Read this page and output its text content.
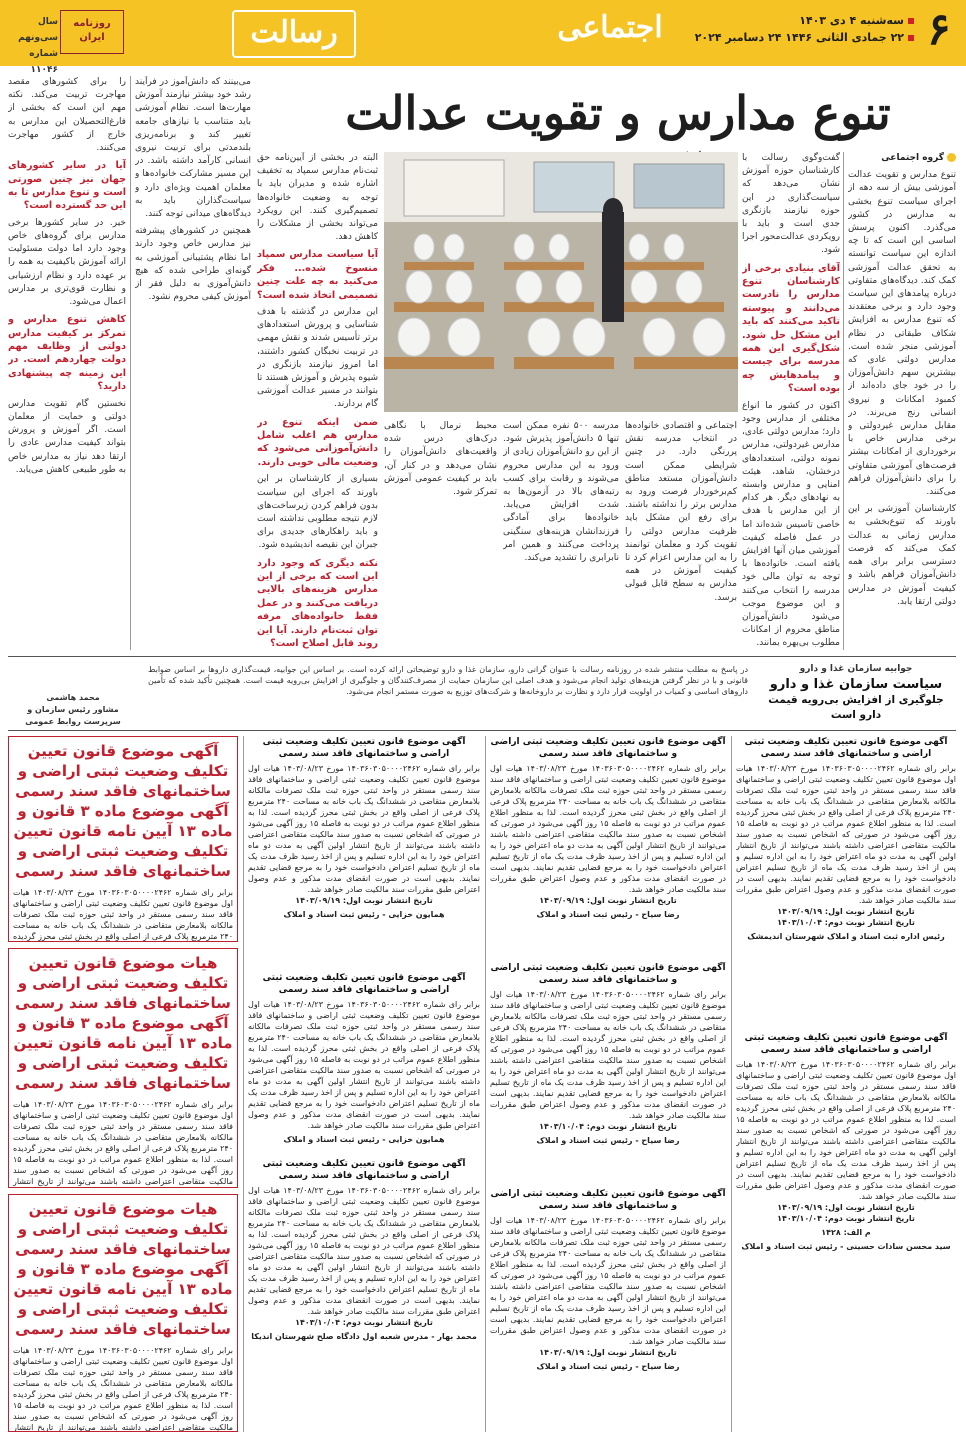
۶
سه‌شنبه ۴ دی ۱۴۰۳
۲۲ جمادی الثانی ۱۴۴۶ ۲۴ دسامبر ۲۰۲۴
اجتماعی
رسالت
روزنامه ایران
سال سی‌ونهم
شماره ۱۱۰۴۶
تنوع مدارس و تقویت عدالت

گروه اجتماعی

تنوع مدارس و تقویت عدالت آموزشی بیش از سه دهه از اجرای سیاست تنوع بخشی به مدارس در کشور می‌گذرد. اکنون پرسش اساسی این است که تا چه اندازه این سیاست توانسته به تحقق عدالت آموزشی کمک کند. دیدگاه‌های متفاوتی درباره پیامدهای این سیاست وجود دارد و برخی معتقدند که تنوع مدارس به افزایش شکاف طبقاتی در نظام آموزشی منجر شده است. مدارس دولتی عادی که بیشترین سهم دانش‌آموزان را در خود جای داده‌اند از کمبود امکانات و نیروی انسانی رنج می‌برند. در مقابل مدارس غیردولتی و برخی مدارس خاص با برخورداری از امکانات بیشتر فرصت‌های آموزشی متفاوتی را برای دانش‌آموزان فراهم می‌کنند.

کارشناسان آموزشی بر این باورند که تنوع‌بخشی به مدارس زمانی به عدالت کمک می‌کند که فرصت دسترسی برابر برای همه دانش‌آموزان فراهم باشد و کیفیت آموزش در مدارس دولتی ارتقا یابد.

گفت‌وگوی رسالت با کارشناسان حوزه آموزش نشان می‌دهد که سیاست‌گذاری در این حوزه نیازمند بازنگری جدی است و باید با رویکردی عدالت‌محور اجرا شود.

آقای بنیادی برخی از کارشناسان تنوع مدارس را نادرست می‌دانند و پیوسته تاکید می‌کنند که باید این مشکل حل شود. شکل‌گیری این همه مدرسه برای چیست و پیامدهایش چه بوده است؟

اکنون در کشور ما انواع مختلفی از مدارس وجود دارد؛ مدارس دولتی عادی، مدارس غیردولتی، مدارس نمونه دولتی، استعدادهای درخشان، شاهد، هیئت امنایی و مدارس وابسته به نهادهای دیگر. هر کدام از این مدارس با هدف خاصی تاسیس شده‌اند اما در عمل فاصله کیفیت آموزشی میان آنها افزایش یافته است. خانواده‌ها با توجه به توان مالی خود مدرسه را انتخاب می‌کنند و این موضوع موجب می‌شود دانش‌آموزان مناطق محروم از امکانات مطلوب بی‌بهره بمانند.

اجتماعی و اقتصادی خانواده‌ها در انتخاب مدرسه نقش پررنگی دارد. در چنین شرایطی ممکن است دانش‌آموزان مستعد مناطق کم‌برخوردار فرصت ورود به مدارس برتر را نداشته باشند. برای رفع این مشکل باید ظرفیت مدارس دولتی را تقویت کرد و معلمان توانمند را به این مدارس اعزام کرد تا کیفیت آموزش در همه مدارس به سطح قابل قبولی برسد.

مدرسه ۵۰۰ نفره ممکن است تنها ۵ دانش‌آموز پذیرش شود. از این رو دانش‌آموزان زیادی از ورود به این مدارس محروم می‌شوند و رقابت برای کسب رتبه‌های بالا در آزمون‌ها به شدت افزایش می‌یابد. خانواده‌ها برای آمادگی فرزندانشان هزینه‌های سنگینی پرداخت می‌کنند و همین امر نابرابری را تشدید می‌کند.

محیط نرمال با نگاهی درک‌های درس شده واقعیت‌های دانش‌آموزان را نشان می‌دهد و در کنار آن، باید بر کیفیت عمومی آموزش تمرکز شود.

البته در بخشی از آیین‌نامه حق ثبت‌نام مدارس سمپاد به تخفیف اشاره شده و مدیران باید با توجه به وضعیت خانواده‌ها تصمیم‌گیری کنند. این رویکرد می‌تواند بخشی از مشکلات را کاهش دهد.

آیا سیاست مدارس سمپاد منسوخ شده... فکر می‌کنید به چه علت چنین تصمیمی اتخاذ شده است؟

این مدارس در گذشته با هدف شناسایی و پرورش استعدادهای برتر تأسیس شدند و نقش مهمی در تربیت نخبگان کشور داشتند، اما امروز نیازمند بازنگری در شیوه پذیرش و آموزش هستند تا بتوانند در مسیر عدالت آموزشی گام بردارند.

ضمن اینکه تنوع در مدارس هم اغلب شامل دانش‌آموزانی می‌شود که وضعیت مالی خوبی دارند.

بسیاری از کارشناسان بر این باورند که اجرای این سیاست بدون فراهم کردن زیرساخت‌های لازم نتیجه مطلوبی نداشته است و باید راهکارهای جدیدی برای جبران این نقیصه اندیشیده شود.

نکته دیگری که وجود دارد این است که برخی از این مدارس هزینه‌های بالایی دریافت می‌کنند و در عمل فقط خانواده‌های مرفه توان ثبت‌نام دارند. آیا این روند قابل اصلاح است؟

می‌بینند که دانش‌آموز در فرآیند رشد خود بیشتر نیازمند آموزش مهارت‌ها است. نظام آموزشی باید متناسب با نیازهای جامعه تغییر کند و برنامه‌ریزی بلندمدتی برای تربیت نیروی انسانی کارآمد داشته باشد. در این مسیر مشارکت خانواده‌ها و معلمان اهمیت ویژه‌ای دارد و سیاست‌گذاران باید به دیدگاه‌های میدانی توجه کنند.

همچنین در کشورهای پیشرفته نیز مدارس خاص وجود دارند اما نظام پشتیبانی آموزشی به گونه‌ای طراحی شده که هیچ دانش‌آموزی به دلیل فقر از آموزش کیفی محروم نشود.

را برای کشورهای مقصد مهاجرت تربیت می‌کند. نکته مهم این است که بخشی از فارغ‌التحصیلان این مدارس به خارج از کشور مهاجرت می‌کنند.

آیا در سایر کشورهای جهان نیز چنین صورتی است و تنوع مدارس تا به این حد گسترده است؟

خیر. در سایر کشورها برخی مدارس برای گروه‌های خاص وجود دارد اما دولت مسئولیت ارائه آموزش باکیفیت به همه را بر عهده دارد و نظام ارزشیابی و نظارت قوی‌تری بر مدارس اعمال می‌شود.

کاهش تنوع مدارس و تمرکز بر کیفیت مدارس دولتی از وظایف مهم دولت چهاردهم است. در این زمینه چه پیشنهادی دارید؟

نخستین گام تقویت مدارس دولتی و حمایت از معلمان است. اگر آموزش و پرورش بتواند کیفیت مدارس عادی را ارتقا دهد نیاز به مدارس خاص به طور طبیعی کاهش می‌یابد.

جوابیه سازمان غذا و دارو
سیاست سازمان غذا و دارو
جلوگیری از افزایش بی‌رویه قیمت دارو است

در پاسخ به مطلب منتشر شده در روزنامه رسالت با عنوان گرانی دارو، سازمان غذا و دارو توضیحاتی ارائه کرده است. بر اساس این جوابیه، قیمت‌گذاری داروها بر اساس ضوابط قانونی و با در نظر گرفتن هزینه‌های تولید انجام می‌شود و هدف اصلی این سازمان حمایت از مصرف‌کنندگان و جلوگیری از افزایش بی‌رویه قیمت است. همچنین تأکید شده که تأمین داروهای اساسی و کمیاب در اولویت قرار دارد و نظارت بر داروخانه‌ها و شرکت‌های توزیع به صورت مستمر انجام می‌شود.

محمد هاشمی
مشاور رئیس سازمان و سرپرست روابط عمومی
آگهی موضوع قانون تعیین تکلیف وضعیت ثبتی اراضی و ساختمانهای فاقد سند رسمی
برابر رای شماره ۱۴۰۳۶۰۳۰۵۰۰۰۰۲۴۶۲ مورخ ۱۴۰۳/۰۸/۲۳ هیات اول موضوع قانون تعیین تکلیف وضعیت ثبتی اراضی و ساختمانهای فاقد سند رسمی مستقر در واحد ثبتی حوزه ثبت ملک تصرفات مالکانه بلامعارض متقاضی در ششدانگ یک باب خانه به مساحت ۲۴۰ مترمربع پلاک فرعی از اصلی واقع در بخش ثبتی محرز گردیده است. لذا به منظور اطلاع عموم مراتب در دو نوبت به فاصله ۱۵ روز آگهی می‌شود در صورتی که اشخاص نسبت به صدور سند مالکیت متقاضی اعتراضی داشته باشند می‌توانند از تاریخ انتشار اولین آگهی به مدت دو ماه اعتراض خود را به این اداره تسلیم و پس از اخذ رسید ظرف مدت یک ماه از تاریخ تسلیم اعتراض دادخواست خود را به مرجع قضایی تقدیم نمایند. بدیهی است در صورت انقضای مدت مذکور و عدم وصول اعتراض طبق مقررات سند مالکیت صادر خواهد شد.
تاریخ انتشار نوبت اول: ۱۴۰۳/۰۹/۱۹
تاریخ انتشار نوبت دوم: ۱۴۰۳/۱۰/۰۴
رئیس اداره ثبت اسناد و املاک شهرستان اندیمشک
آگهی موضوع قانون تعیین تکلیف وضعیت ثبتی اراضی و ساختمانهای فاقد سند رسمی
برابر رای شماره ۱۴۰۳۶۰۳۰۵۰۰۰۰۲۴۶۲ مورخ ۱۴۰۳/۰۸/۲۳ هیات اول موضوع قانون تعیین تکلیف وضعیت ثبتی اراضی و ساختمانهای فاقد سند رسمی مستقر در واحد ثبتی حوزه ثبت ملک تصرفات مالکانه بلامعارض متقاضی در ششدانگ یک باب خانه به مساحت ۲۴۰ مترمربع پلاک فرعی از اصلی واقع در بخش ثبتی محرز گردیده است. لذا به منظور اطلاع عموم مراتب در دو نوبت به فاصله ۱۵ روز آگهی می‌شود در صورتی که اشخاص نسبت به صدور سند مالکیت متقاضی اعتراضی داشته باشند می‌توانند از تاریخ انتشار اولین آگهی به مدت دو ماه اعتراض خود را به این اداره تسلیم و پس از اخذ رسید ظرف مدت یک ماه از تاریخ تسلیم اعتراض دادخواست خود را به مرجع قضایی تقدیم نمایند. بدیهی است در صورت انقضای مدت مذکور و عدم وصول اعتراض طبق مقررات سند مالکیت صادر خواهد شد.
تاریخ انتشار نوبت اول: ۱۴۰۳/۰۹/۱۹
تاریخ انتشار نوبت دوم: ۱۴۰۳/۱۰/۰۴
م الف: ۱۴۲۸
سید محسن سادات حسینی - رئیس ثبت اسناد و املاک
آگهی موضوع قانون تعیین تکلیف وضعیت ثبتی اراضی و ساختمانهای فاقد سند رسمی
برابر رای شماره ۱۴۰۳۶۰۳۰۵۰۰۰۰۲۴۶۲ مورخ ۱۴۰۳/۰۸/۲۳ هیات اول موضوع قانون تعیین تکلیف وضعیت ثبتی اراضی و ساختمانهای فاقد سند رسمی مستقر در واحد ثبتی حوزه ثبت ملک تصرفات مالکانه بلامعارض متقاضی در ششدانگ یک باب خانه به مساحت ۲۴۰ مترمربع پلاک فرعی از اصلی واقع در بخش ثبتی محرز گردیده است. لذا به منظور اطلاع عموم مراتب در دو نوبت به فاصله ۱۵ روز آگهی می‌شود در صورتی که اشخاص نسبت به صدور سند مالکیت متقاضی اعتراضی داشته باشند می‌توانند از تاریخ انتشار اولین آگهی به مدت دو ماه اعتراض خود را به این اداره تسلیم و پس از اخذ رسید ظرف مدت یک ماه از تاریخ تسلیم اعتراض دادخواست خود را به مرجع قضایی تقدیم نمایند. بدیهی است در صورت انقضای مدت مذکور و عدم وصول اعتراض طبق مقررات سند مالکیت صادر خواهد شد.
تاریخ انتشار نوبت اول: ۱۴۰۳/۰۹/۱۹
رضا سیاح - رئیس ثبت اسناد و املاک
آگهی موضوع قانون تعیین تکلیف وضعیت ثبتی اراضی و ساختمانهای فاقد سند رسمی
برابر رای شماره ۱۴۰۳۶۰۳۰۵۰۰۰۰۲۴۶۲ مورخ ۱۴۰۳/۰۸/۲۳ هیات اول موضوع قانون تعیین تکلیف وضعیت ثبتی اراضی و ساختمانهای فاقد سند رسمی مستقر در واحد ثبتی حوزه ثبت ملک تصرفات مالکانه بلامعارض متقاضی در ششدانگ یک باب خانه به مساحت ۲۴۰ مترمربع پلاک فرعی از اصلی واقع در بخش ثبتی محرز گردیده است. لذا به منظور اطلاع عموم مراتب در دو نوبت به فاصله ۱۵ روز آگهی می‌شود در صورتی که اشخاص نسبت به صدور سند مالکیت متقاضی اعتراضی داشته باشند می‌توانند از تاریخ انتشار اولین آگهی به مدت دو ماه اعتراض خود را به این اداره تسلیم و پس از اخذ رسید ظرف مدت یک ماه از تاریخ تسلیم اعتراض دادخواست خود را به مرجع قضایی تقدیم نمایند. بدیهی است در صورت انقضای مدت مذکور و عدم وصول اعتراض طبق مقررات سند مالکیت صادر خواهد شد.
تاریخ انتشار نوبت دوم: ۱۴۰۳/۱۰/۰۴
رضا سیاح - رئیس ثبت اسناد و املاک
آگهی موضوع قانون تعیین تکلیف وضعیت ثبتی اراضی و ساختمانهای فاقد سند رسمی
برابر رای شماره ۱۴۰۳۶۰۳۰۵۰۰۰۰۲۴۶۲ مورخ ۱۴۰۳/۰۸/۲۳ هیات اول موضوع قانون تعیین تکلیف وضعیت ثبتی اراضی و ساختمانهای فاقد سند رسمی مستقر در واحد ثبتی حوزه ثبت ملک تصرفات مالکانه بلامعارض متقاضی در ششدانگ یک باب خانه به مساحت ۲۴۰ مترمربع پلاک فرعی از اصلی واقع در بخش ثبتی محرز گردیده است. لذا به منظور اطلاع عموم مراتب در دو نوبت به فاصله ۱۵ روز آگهی می‌شود در صورتی که اشخاص نسبت به صدور سند مالکیت متقاضی اعتراضی داشته باشند می‌توانند از تاریخ انتشار اولین آگهی به مدت دو ماه اعتراض خود را به این اداره تسلیم و پس از اخذ رسید ظرف مدت یک ماه از تاریخ تسلیم اعتراض دادخواست خود را به مرجع قضایی تقدیم نمایند. بدیهی است در صورت انقضای مدت مذکور و عدم وصول اعتراض طبق مقررات سند مالکیت صادر خواهد شد.
تاریخ انتشار نوبت اول: ۱۴۰۳/۰۹/۱۹
رضا سیاح - رئیس ثبت اسناد و املاک
آگهی موضوع قانون تعیین تکلیف وضعیت ثبتی اراضی و ساختمانهای فاقد سند رسمی
برابر رای شماره ۱۴۰۳۶۰۳۰۵۰۰۰۰۲۴۶۲ مورخ ۱۴۰۳/۰۸/۲۳ هیات اول موضوع قانون تعیین تکلیف وضعیت ثبتی اراضی و ساختمانهای فاقد سند رسمی مستقر در واحد ثبتی حوزه ثبت ملک تصرفات مالکانه بلامعارض متقاضی در ششدانگ یک باب خانه به مساحت ۲۴۰ مترمربع پلاک فرعی از اصلی واقع در بخش ثبتی محرز گردیده است. لذا به منظور اطلاع عموم مراتب در دو نوبت به فاصله ۱۵ روز آگهی می‌شود در صورتی که اشخاص نسبت به صدور سند مالکیت متقاضی اعتراضی داشته باشند می‌توانند از تاریخ انتشار اولین آگهی به مدت دو ماه اعتراض خود را به این اداره تسلیم و پس از اخذ رسید ظرف مدت یک ماه از تاریخ تسلیم اعتراض دادخواست خود را به مرجع قضایی تقدیم نمایند. بدیهی است در صورت انقضای مدت مذکور و عدم وصول اعتراض طبق مقررات سند مالکیت صادر خواهد شد.
تاریخ انتشار نوبت اول: ۱۴۰۳/۰۹/۱۹
همایون خزایی - رئیس ثبت اسناد و املاک
آگهی موضوع قانون تعیین تکلیف وضعیت ثبتی اراضی و ساختمانهای فاقد سند رسمی
برابر رای شماره ۱۴۰۳۶۰۳۰۵۰۰۰۰۲۴۶۲ مورخ ۱۴۰۳/۰۸/۲۳ هیات اول موضوع قانون تعیین تکلیف وضعیت ثبتی اراضی و ساختمانهای فاقد سند رسمی مستقر در واحد ثبتی حوزه ثبت ملک تصرفات مالکانه بلامعارض متقاضی در ششدانگ یک باب خانه به مساحت ۲۴۰ مترمربع پلاک فرعی از اصلی واقع در بخش ثبتی محرز گردیده است. لذا به منظور اطلاع عموم مراتب در دو نوبت به فاصله ۱۵ روز آگهی می‌شود در صورتی که اشخاص نسبت به صدور سند مالکیت متقاضی اعتراضی داشته باشند می‌توانند از تاریخ انتشار اولین آگهی به مدت دو ماه اعتراض خود را به این اداره تسلیم و پس از اخذ رسید ظرف مدت یک ماه از تاریخ تسلیم اعتراض دادخواست خود را به مرجع قضایی تقدیم نمایند. بدیهی است در صورت انقضای مدت مذکور و عدم وصول اعتراض طبق مقررات سند مالکیت صادر خواهد شد.
همایون خزایی - رئیس ثبت اسناد و املاک
آگهی موضوع قانون تعیین تکلیف وضعیت ثبتی اراضی و ساختمانهای فاقد سند رسمی
برابر رای شماره ۱۴۰۳۶۰۳۰۵۰۰۰۰۲۴۶۲ مورخ ۱۴۰۳/۰۸/۲۳ هیات اول موضوع قانون تعیین تکلیف وضعیت ثبتی اراضی و ساختمانهای فاقد سند رسمی مستقر در واحد ثبتی حوزه ثبت ملک تصرفات مالکانه بلامعارض متقاضی در ششدانگ یک باب خانه به مساحت ۲۴۰ مترمربع پلاک فرعی از اصلی واقع در بخش ثبتی محرز گردیده است. لذا به منظور اطلاع عموم مراتب در دو نوبت به فاصله ۱۵ روز آگهی می‌شود در صورتی که اشخاص نسبت به صدور سند مالکیت متقاضی اعتراضی داشته باشند می‌توانند از تاریخ انتشار اولین آگهی به مدت دو ماه اعتراض خود را به این اداره تسلیم و پس از اخذ رسید ظرف مدت یک ماه از تاریخ تسلیم اعتراض دادخواست خود را به مرجع قضایی تقدیم نمایند. بدیهی است در صورت انقضای مدت مذکور و عدم وصول اعتراض طبق مقررات سند مالکیت صادر خواهد شد.
تاریخ انتشار نوبت دوم: ۱۴۰۳/۱۰/۰۴
محمد بهار - مدرس شعبه اول دادگاه صلح شهرستان اندیکا
آگهی موضوع قانون تعیین تکلیف وضعیت ثبتی اراضی و ساختمانهای فاقد سند رسمی آگهی موضوع ماده ۳ قانون و ماده ۱۳ آیین نامه قانون تعیین تکلیف وضعیت ثبتی اراضی و ساختمانهای فاقد سند رسمی
برابر رای شماره ۱۴۰۳۶۰۳۰۵۰۰۰۰۲۴۶۲ مورخ ۱۴۰۳/۰۸/۲۳ هیات اول موضوع قانون تعیین تکلیف وضعیت ثبتی اراضی و ساختمانهای فاقد سند رسمی مستقر در واحد ثبتی حوزه ثبت ملک تصرفات مالکانه بلامعارض متقاضی در ششدانگ یک باب خانه به مساحت ۲۴۰ مترمربع پلاک فرعی از اصلی واقع در بخش ثبتی محرز گردیده
هیات موضوع قانون تعیین تکلیف وضعیت ثبتی اراضی و ساختمانهای فاقد سند رسمی آگهی موضوع ماده ۳ قانون و ماده ۱۳ آیین نامه قانون تعیین تکلیف وضعیت ثبتی اراضی و ساختمانهای فاقد سند رسمی
برابر رای شماره ۱۴۰۳۶۰۳۰۵۰۰۰۰۲۴۶۲ مورخ ۱۴۰۳/۰۸/۲۳ هیات اول موضوع قانون تعیین تکلیف وضعیت ثبتی اراضی و ساختمانهای فاقد سند رسمی مستقر در واحد ثبتی حوزه ثبت ملک تصرفات مالکانه بلامعارض متقاضی در ششدانگ یک باب خانه به مساحت ۲۴۰ مترمربع پلاک فرعی از اصلی واقع در بخش ثبتی محرز گردیده است. لذا به منظور اطلاع عموم مراتب در دو نوبت به فاصله ۱۵ روز آگهی می‌شود در صورتی که اشخاص نسبت به صدور سند مالکیت متقاضی اعتراضی داشته باشند می‌توانند از تاریخ انتشار
هیات موضوع قانون تعیین تکلیف وضعیت ثبتی اراضی و ساختمانهای فاقد سند رسمی آگهی موضوع ماده ۳ قانون و ماده ۱۳ آیین نامه قانون تعیین تکلیف وضعیت ثبتی اراضی و ساختمانهای فاقد سند رسمی
برابر رای شماره ۱۴۰۳۶۰۳۰۵۰۰۰۰۲۴۶۲ مورخ ۱۴۰۳/۰۸/۲۳ هیات اول موضوع قانون تعیین تکلیف وضعیت ثبتی اراضی و ساختمانهای فاقد سند رسمی مستقر در واحد ثبتی حوزه ثبت ملک تصرفات مالکانه بلامعارض متقاضی در ششدانگ یک باب خانه به مساحت ۲۴۰ مترمربع پلاک فرعی از اصلی واقع در بخش ثبتی محرز گردیده است. لذا به منظور اطلاع عموم مراتب در دو نوبت به فاصله ۱۵ روز آگهی می‌شود در صورتی که اشخاص نسبت به صدور سند مالکیت متقاضی اعتراضی داشته باشند می‌توانند از تاریخ انتشار
